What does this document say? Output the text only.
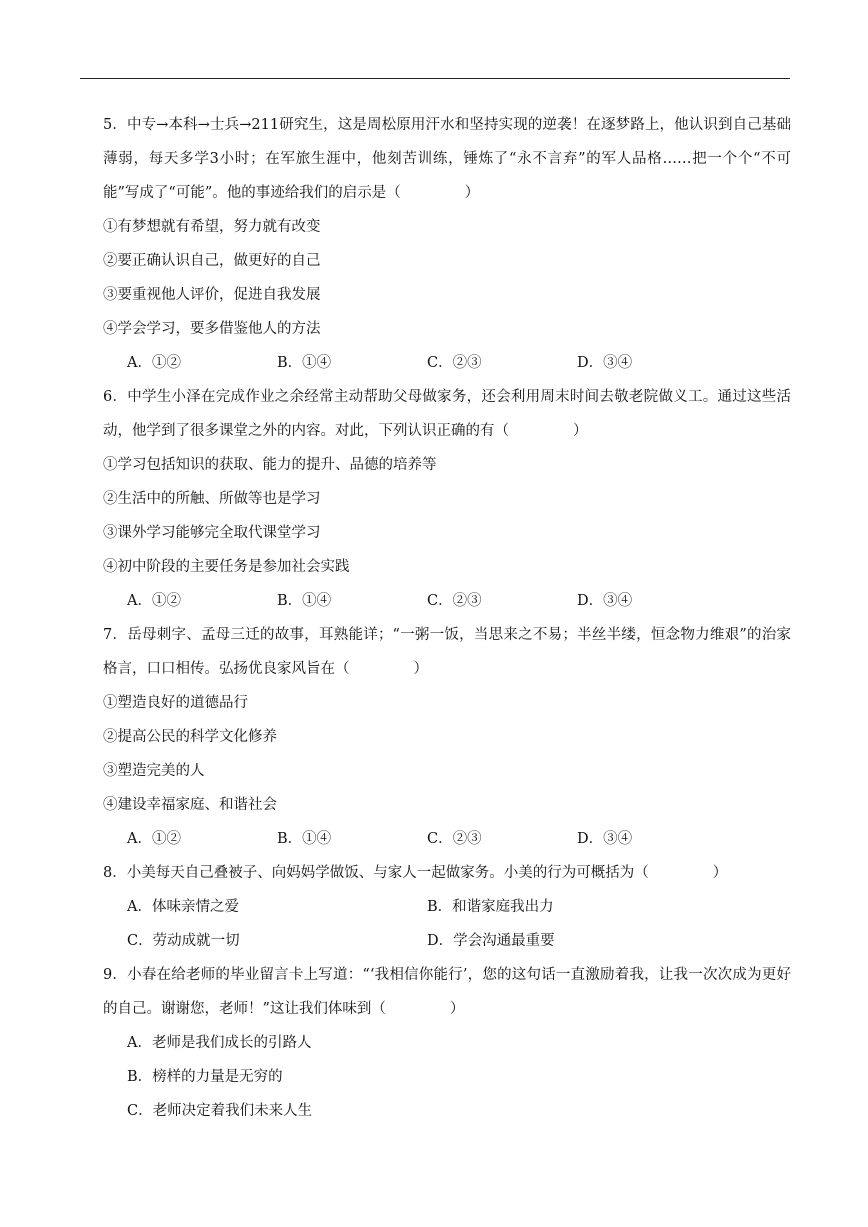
5．中专→本科→士兵→211研究生，这是周松原用汗水和坚持实现的逆袭！在逐梦路上，他认识到自己基础薄弱，每天多学3小时；在军旅生涯中，他刻苦训练，锤炼了“永不言弃”的军人品格……把一个个“不可能”写成了“可能”。他的事迹给我们的启示是（	）
①有梦想就有希望，努力就有改变
②要正确认识自己，做更好的自己
③要重视他人评价，促进自我发展
④学会学习，要多借鉴他人的方法
A．①②	B．①④	C．②③	D．③④
6．中学生小泽在完成作业之余经常主动帮助父母做家务，还会利用周末时间去敬老院做义工。通过这些活动，他学到了很多课堂之外的内容。对此，下列认识正确的有（	）
①学习包括知识的获取、能力的提升、品德的培养等
②生活中的所触、所做等也是学习
③课外学习能够完全取代课堂学习
④初中阶段的主要任务是参加社会实践
A．①②	B．①④	C．②③	D．③④
7．岳母刺字、孟母三迁的故事，耳熟能详；“一粥一饭，当思来之不易；半丝半缕，恒念物力维艰”的治家格言，口口相传。弘扬优良家风旨在（	）
①塑造良好的道德品行
②提高公民的科学文化修养
③塑造完美的人
④建设幸福家庭、和谐社会
A．①②	B．①④	C．②③	D．③④
8．小美每天自己叠被子、向妈妈学做饭、与家人一起做家务。小美的行为可概括为（	）
A．体味亲情之爱	B．和谐家庭我出力
C．劳动成就一切	D．学会沟通最重要
9．小春在给老师的毕业留言卡上写道：“‘我相信你能行’，您的这句话一直激励着我，让我一次次成为更好的自己。谢谢您，老师！”这让我们体味到（	）
A．老师是我们成长的引路人
B．榜样的力量是无穷的
C．老师决定着我们未来人生
